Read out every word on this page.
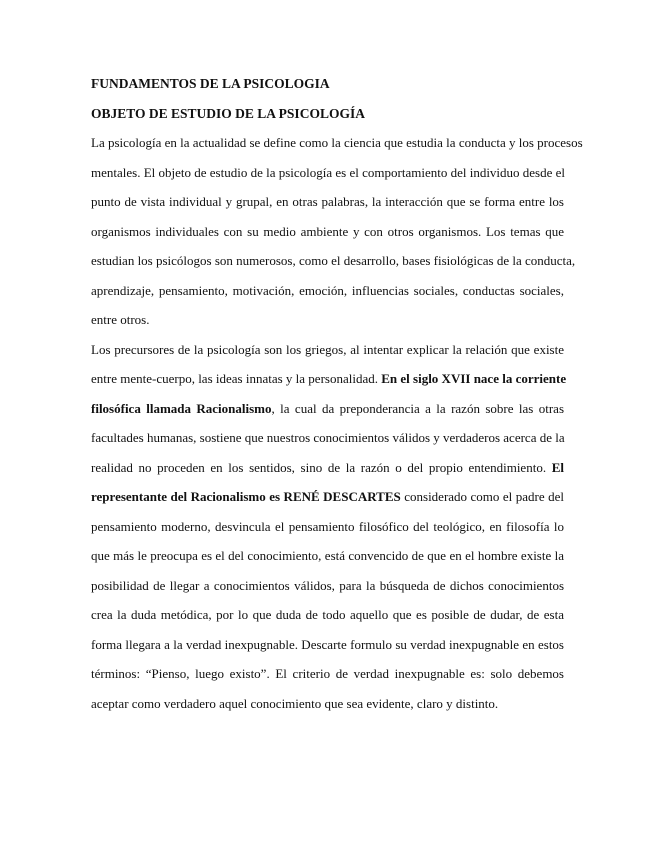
FUNDAMENTOS DE LA PSICOLOGIA
OBJETO DE ESTUDIO DE LA PSICOLOGÍA
La psicología en la actualidad se define como la ciencia que estudia la conducta y los procesos
mentales. El objeto de estudio de la psicología es el comportamiento del individuo desde el
punto de vista individual y grupal, en otras palabras, la interacción que se forma entre los
organismos individuales con su medio ambiente y con otros organismos. Los temas que
estudian los psicólogos son numerosos, como el desarrollo, bases fisiológicas de la conducta,
aprendizaje, pensamiento, motivación, emoción, influencias sociales, conductas sociales,
entre otros.
Los precursores de la psicología son los griegos, al intentar explicar la relación que existe
entre mente-cuerpo, las ideas innatas y la personalidad. En el siglo XVII nace la corriente
filosófica llamada Racionalismo, la cual da preponderancia a la razón sobre las otras
facultades humanas, sostiene que nuestros conocimientos válidos y verdaderos acerca de la
realidad no proceden en los sentidos, sino de la razón o del propio entendimiento. El
representante del Racionalismo es RENÉ DESCARTES considerado como el padre del
pensamiento moderno, desvincula el pensamiento filosófico del teológico, en filosofía lo
que más le preocupa es el del conocimiento, está convencido de que en el hombre existe la
posibilidad de llegar a conocimientos válidos, para la búsqueda de dichos conocimientos
crea la duda metódica, por lo que duda de todo aquello que es posible de dudar, de esta
forma llegara a la verdad inexpugnable. Descarte formulo su verdad inexpugnable en estos
términos: “Pienso, luego existo”. El criterio de verdad inexpugnable es: solo debemos
aceptar como verdadero aquel conocimiento que sea evidente, claro y distinto.
